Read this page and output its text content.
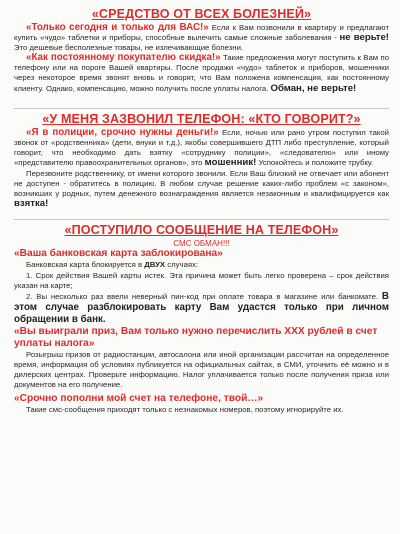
«СРЕДСТВО ОТ ВСЕХ БОЛЕЗНЕЙ»

«Только сегодня и только для ВАС!» Если к Вам позвонили в квартиру и предлагают купить «чудо» таблетки и приборы, способные вылечить самые сложные заболевания - не верьте! Это дешевые бесполезные товары, не излечивающие болезни.

«Как постоянному покупателю скидка!» Такие предложения могут поступить к Вам по телефону или на пороге Вашей квартиры. После продажи «чудо» таблеток и приборов, мошенники через некоторое время звонят вновь и говорят, что Вам положена компенсация, как постоянному клиенту. Однако, компенсацию, можно получить после уплаты налога. Обман, не верьте!

«У МЕНЯ ЗАЗВОНИЛ ТЕЛЕФОН: «КТО ГОВОРИТ?»

«Я в полиции, срочно нужны деньги!» Если, ночью или рано утром поступил такой звонок от «родственника» (дети, внуки и т.д.), якобы совершившего ДТП либо преступление, который говорит, что необходимо дать взятку «сотруднику полиции», «следователю» или иному «представителю правоохранительных органов», это мошенник! Успокойтесь и положите трубку.

Перезвоните родственнику, от имени которого звонили. Если Ваш близкий не отвечает или абонент не доступен - обратитесь в полицию. В любом случае решение каких-либо проблем «с законом», возникших у родных, путем денежного вознаграждения является незаконным и квалифицируется как взятка!

«ПОСТУПИЛО СООБЩЕНИЕ НА ТЕЛЕФОН»

СМС ОБМАН!!!

«Ваша банковская карта заблокирована»

Банковская карта блокируется в ДВУХ случаях:

1. Срок действия Вашей карты истек. Эта причина может быть легко проверена – срок действия указан на карте;

2. Вы несколько раз ввели неверный пин-код при оплате товара в магазине или банкомате. В этом случае разблокировать карту Вам удастся только при личном обращении в банк.

«Вы выиграли приз, Вам только нужно перечислить XXX рублей в счет уплаты налога»

Розыгрыш призов от радиостанции, автосалона или иной организации рассчитан на определенное время, информация об условиях публикуется на официальных сайтах, в СМИ, уточнить её можно и в дилерских центрах. Проверьте информацию. Налог уплачивается только после получения приза или документов на его получение.

«Срочно пополни мой счет на телефоне, твой…»

Такие смс-сообщения приходят только с незнакомых номеров, поэтому игнорируйте их.
